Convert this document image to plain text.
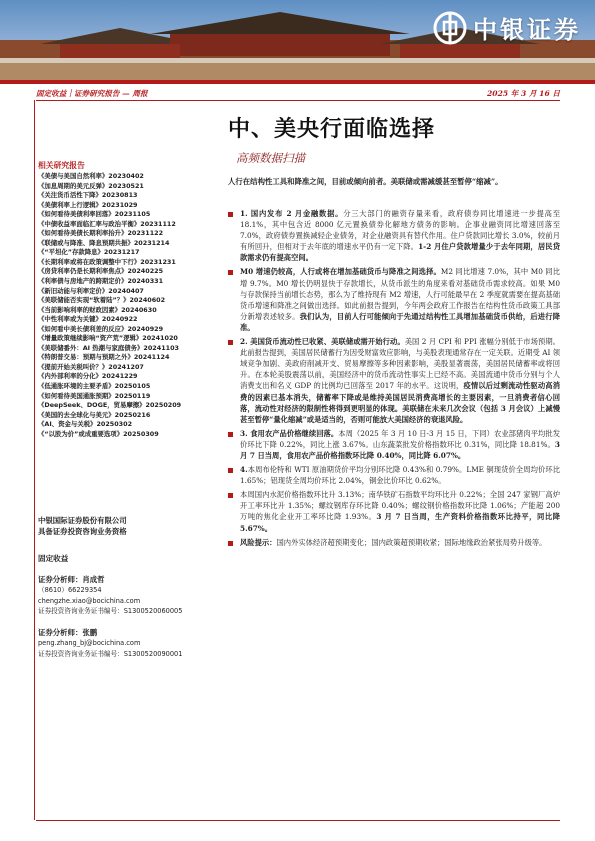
中银证券
固定收益｜证券研究报告 — 周报	2025 年 3 月 16 日
中、美央行面临选择
高频数据扫描
相关研究报告
《美债与美国自然利率》20230402
《加息周期的美元反弹》20230521
《关注货币活性下降》20230813
《美债利率上行逻辑》20231029
《如何看待美债利率回落》20231105
《中债收益率面临汇率与政治平衡》20231112
《如何看待美债长期利率抬升》20231122
《联储或与降准、降息预期共振》20231214
《“平坦化”存款降息》20231217
《长期利率或将在政策调整中下行》20231231
《房贷利率仍是长期利率焦点》20240225
《利率债与房地产的跨期定价》20240331
《新旧动能与利率定价》20240407
《美联储能否实现“软着陆”？》20240602
《当前影响利率的财政因素》20240630
《中性利率或为关键》20240922
《如何看中美长债利差的反应》20240929
《增量政策继续影响“资产荒”逻辑》20241020
《美联储番外：AI 热潮与家庭债务》20241103
《特朗普交易：预期与预期之外》20241124
《提前开始关税叫价？》20241207
《内外部利率的分化》20241229
《低通胀环境的主要矛盾》20250105
《如何看待美国通胀预期》20250119
《DeepSeek、DOGE，贸易摩擦》20250209
《美国的去全球化与美元》20250216
《AI、资金与关税》20250302
《“以股为价”或成重要选项》20250309
中银国际证券股份有限公司
具备证券投资咨询业务资格
固定收益
证券分析师：肖成哲
（8610）66229354
chengzhe.xiao@bocichina.com
证券投资咨询业务证书编号：S1300520060005
证券分析师：张鹏
peng.zhang_bj@bocichina.com
证券投资咨询业务证书编号：S1300520090001
人行在结构性工具和降准之间，目前或倾向前者。美联储或需减缓甚至暂停“缩减”。
1. 国内发布 2 月金融数据。分三大部门的融资存量来看，政府债券同比增速进一步提高至 18.1%，其中包含近 8000 亿元置换债券化解地方债务的影响。企事业融资同比增速回落至 7.0%，政府债券置换减轻企业债务，对企业融资具有替代作用。住户贷款同比增长 3.0%，较前月有所回升，但相对于去年底的增速水平仍有一定下降。1-2 月住户贷款增量少于去年同期，居民贷款需求仍有提高空间。
M0 增速仍较高，人行或将在增加基础货币与降准之间选择。M2 同比增速 7.0%，其中 M0 同比增 9.7%。M0 增长仍明显快于存款增长，从货币派生的角度来看对基础货币需求较高。如果 M0 与存款保持当前增长态势，那么为了维持现有 M2 增速，人行可能最早在 2 季度就需要在提高基础货币增速和降准之间做出选择。如此前报告提到，今年两会政府工作报告在结构性货币政策工具部分新增表述较多。我们认为，目前人行可能倾向于先通过结构性工具增加基础货币供给，后进行降准。
2. 美国货币流动性已收紧、美联储或需开始行动。美国 2 月 CPI 和 PPI 涨幅分别低于市场预期。此前报告提到，美国居民储蓄行为因受财富效应影响，与美股表现通常存在一定关联。近期受 AI 领域竞争加剧、美政府削减开支、贸易摩擦等多种因素影响，美股显著震荡，美国居民储蓄率或将回升。在本轮美股震荡以前，美国经济中的货币流动性事实上已经不高。美国流通中货币分别与个人消费支出和名义 GDP 的比例均已回落至 2017 年的水平。这说明，疫情以后过剩流动性驱动高消费的因素已基本消失，储蓄率下降或是维持美国居民消费高增长的主要因素，一旦消费者信心回落，流动性对经济的限制性将得到更明显的体现。美联储在未来几次会议（包括 3 月会议）上减慢甚至暂停“量化缩减”或是适当的，否则可能放大美国经济的衰退风险。
3. 食用农产品价格继续回落。本周（2025 年 3 月 10 日-3 月 15 日，下同）农业部猪肉平均批发价环比下降 0.22%，同比上涨 3.67%。山东蔬菜批发价格指数环比 0.31%，同比降 18.81%。3 月 7 日当周，食用农产品价格指数环比降 0.40%，同比降 6.07%。
4.本周布伦特和 WTI 原油期货价平均分别环比降 0.43%和 0.79%。LME 铜现货价全周均价环比 1.65%；铝现货全周均价环比 2.04%，铜金比价环比 0.62%。
本周国内水泥价格指数环比升 3.13%；南华铁矿石指数平均环比升 0.22%；全国 247 家钢厂高炉开工率环比升 1.35%；螺纹钢库存环比降 0.40%；螺纹钢价格指数环比降 1.06%；产能超 200 万吨的焦化企业开工率环比降 1.93%。3 月 7 日当周，生产资料价格指数环比持平，同比降 5.67%。
风险提示：国内外实体经济超预期变化；国内政策超预期收紧；国际地缘政治紧张局势升级等。
